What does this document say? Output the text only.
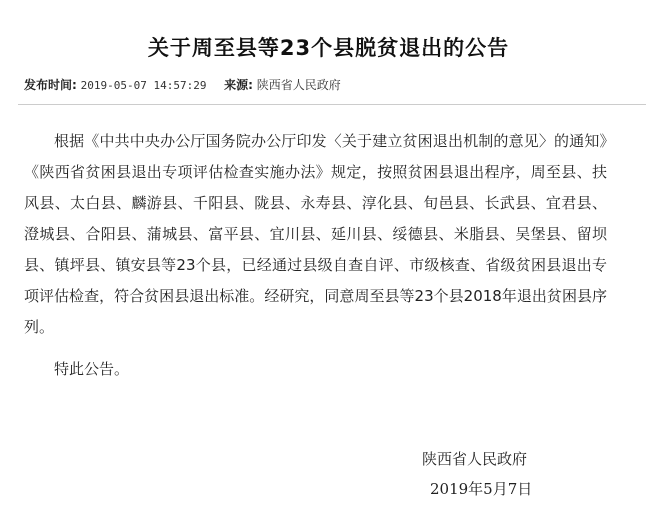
关于周至县等23个县脱贫退出的公告
发布时间: 2019-05-07 14:57:29 来源: 陕西省人民政府

根据《中共中央办公厅国务院办公厅印发〈关于建立贫困退出机制的意见〉的通知》《陕西省贫困县退出专项评估检查实施办法》规定，按照贫困县退出程序，周至县、扶风县、太白县、麟游县、千阳县、陇县、永寿县、淳化县、旬邑县、长武县、宜君县、澄城县、合阳县、蒲城县、富平县、宜川县、延川县、绥德县、米脂县、吴堡县、留坝县、镇坪县、镇安县等23个县，已经通过县级自查自评、市级核查、省级贫困县退出专项评估检查，符合贫困县退出标准。经研究，同意周至县等23个县2018年退出贫困县序列。

特此公告。

陕西省人民政府
2019年5月7日
